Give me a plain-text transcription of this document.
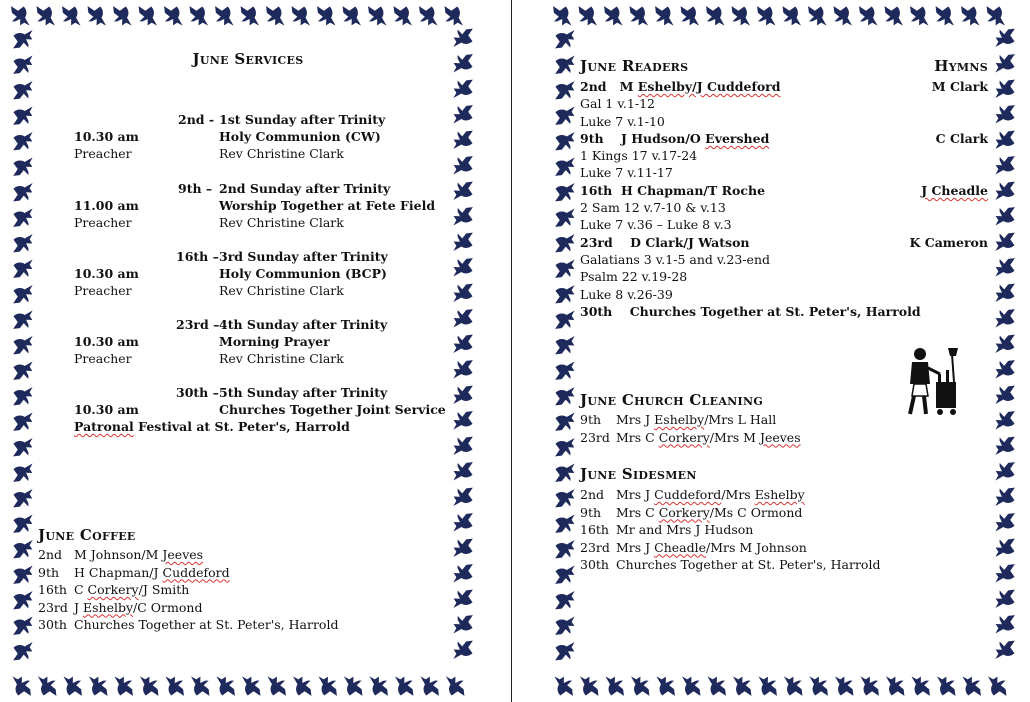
June Services
2nd - 1st Sunday after Trinity
10.30 am	Holy Communion (CW)
Preacher	Rev Christine Clark
9th – 2nd Sunday after Trinity
11.00 am	Worship Together at Fete Field
Preacher	Rev Christine Clark
16th – 3rd Sunday after Trinity
10.30 am	Holy Communion (BCP)
Preacher	Rev Christine Clark
23rd – 4th Sunday after Trinity
10.30 am	Morning Prayer
Preacher	Rev Christine Clark
30th – 5th Sunday after Trinity
10.30 am	Churches Together Joint Service
Patronal Festival at St. Peter's, Harrold
June Coffee
2nd M Johnson/M Jeeves
9th H Chapman/J Cuddeford
16th C Corkery/J Smith
23rd J Eshelby/C Ormond
30th Churches Together at St. Peter's, Harrold
June Readers	Hymns
2nd M Eshelby/J Cuddeford	M Clark
Gal 1 v.1-12
Luke 7 v.1-10
9th J Hudson/O Evershed	C Clark
1 Kings 17 v.17-24
Luke 7 v.11-17
16th H Chapman/T Roche	J Cheadle
2 Sam 12 v.7-10 & v.13
Luke 7 v.36 – Luke 8 v.3
23rd D Clark/J Watson	K Cameron
Galatians 3 v.1-5 and v.23-end
Psalm 22 v.19-28
Luke 8 v.26-39
30th Churches Together at St. Peter's, Harrold
June Church Cleaning
9th Mrs J Eshelby/Mrs L Hall
23rd Mrs C Corkery/Mrs M Jeeves
June Sidesmen
2nd Mrs J Cuddeford/Mrs Eshelby
9th Mrs C Corkery/Ms C Ormond
16th Mr and Mrs J Hudson
23rd Mrs J Cheadle/Mrs M Johnson
30th Churches Together at St. Peter's, Harrold
